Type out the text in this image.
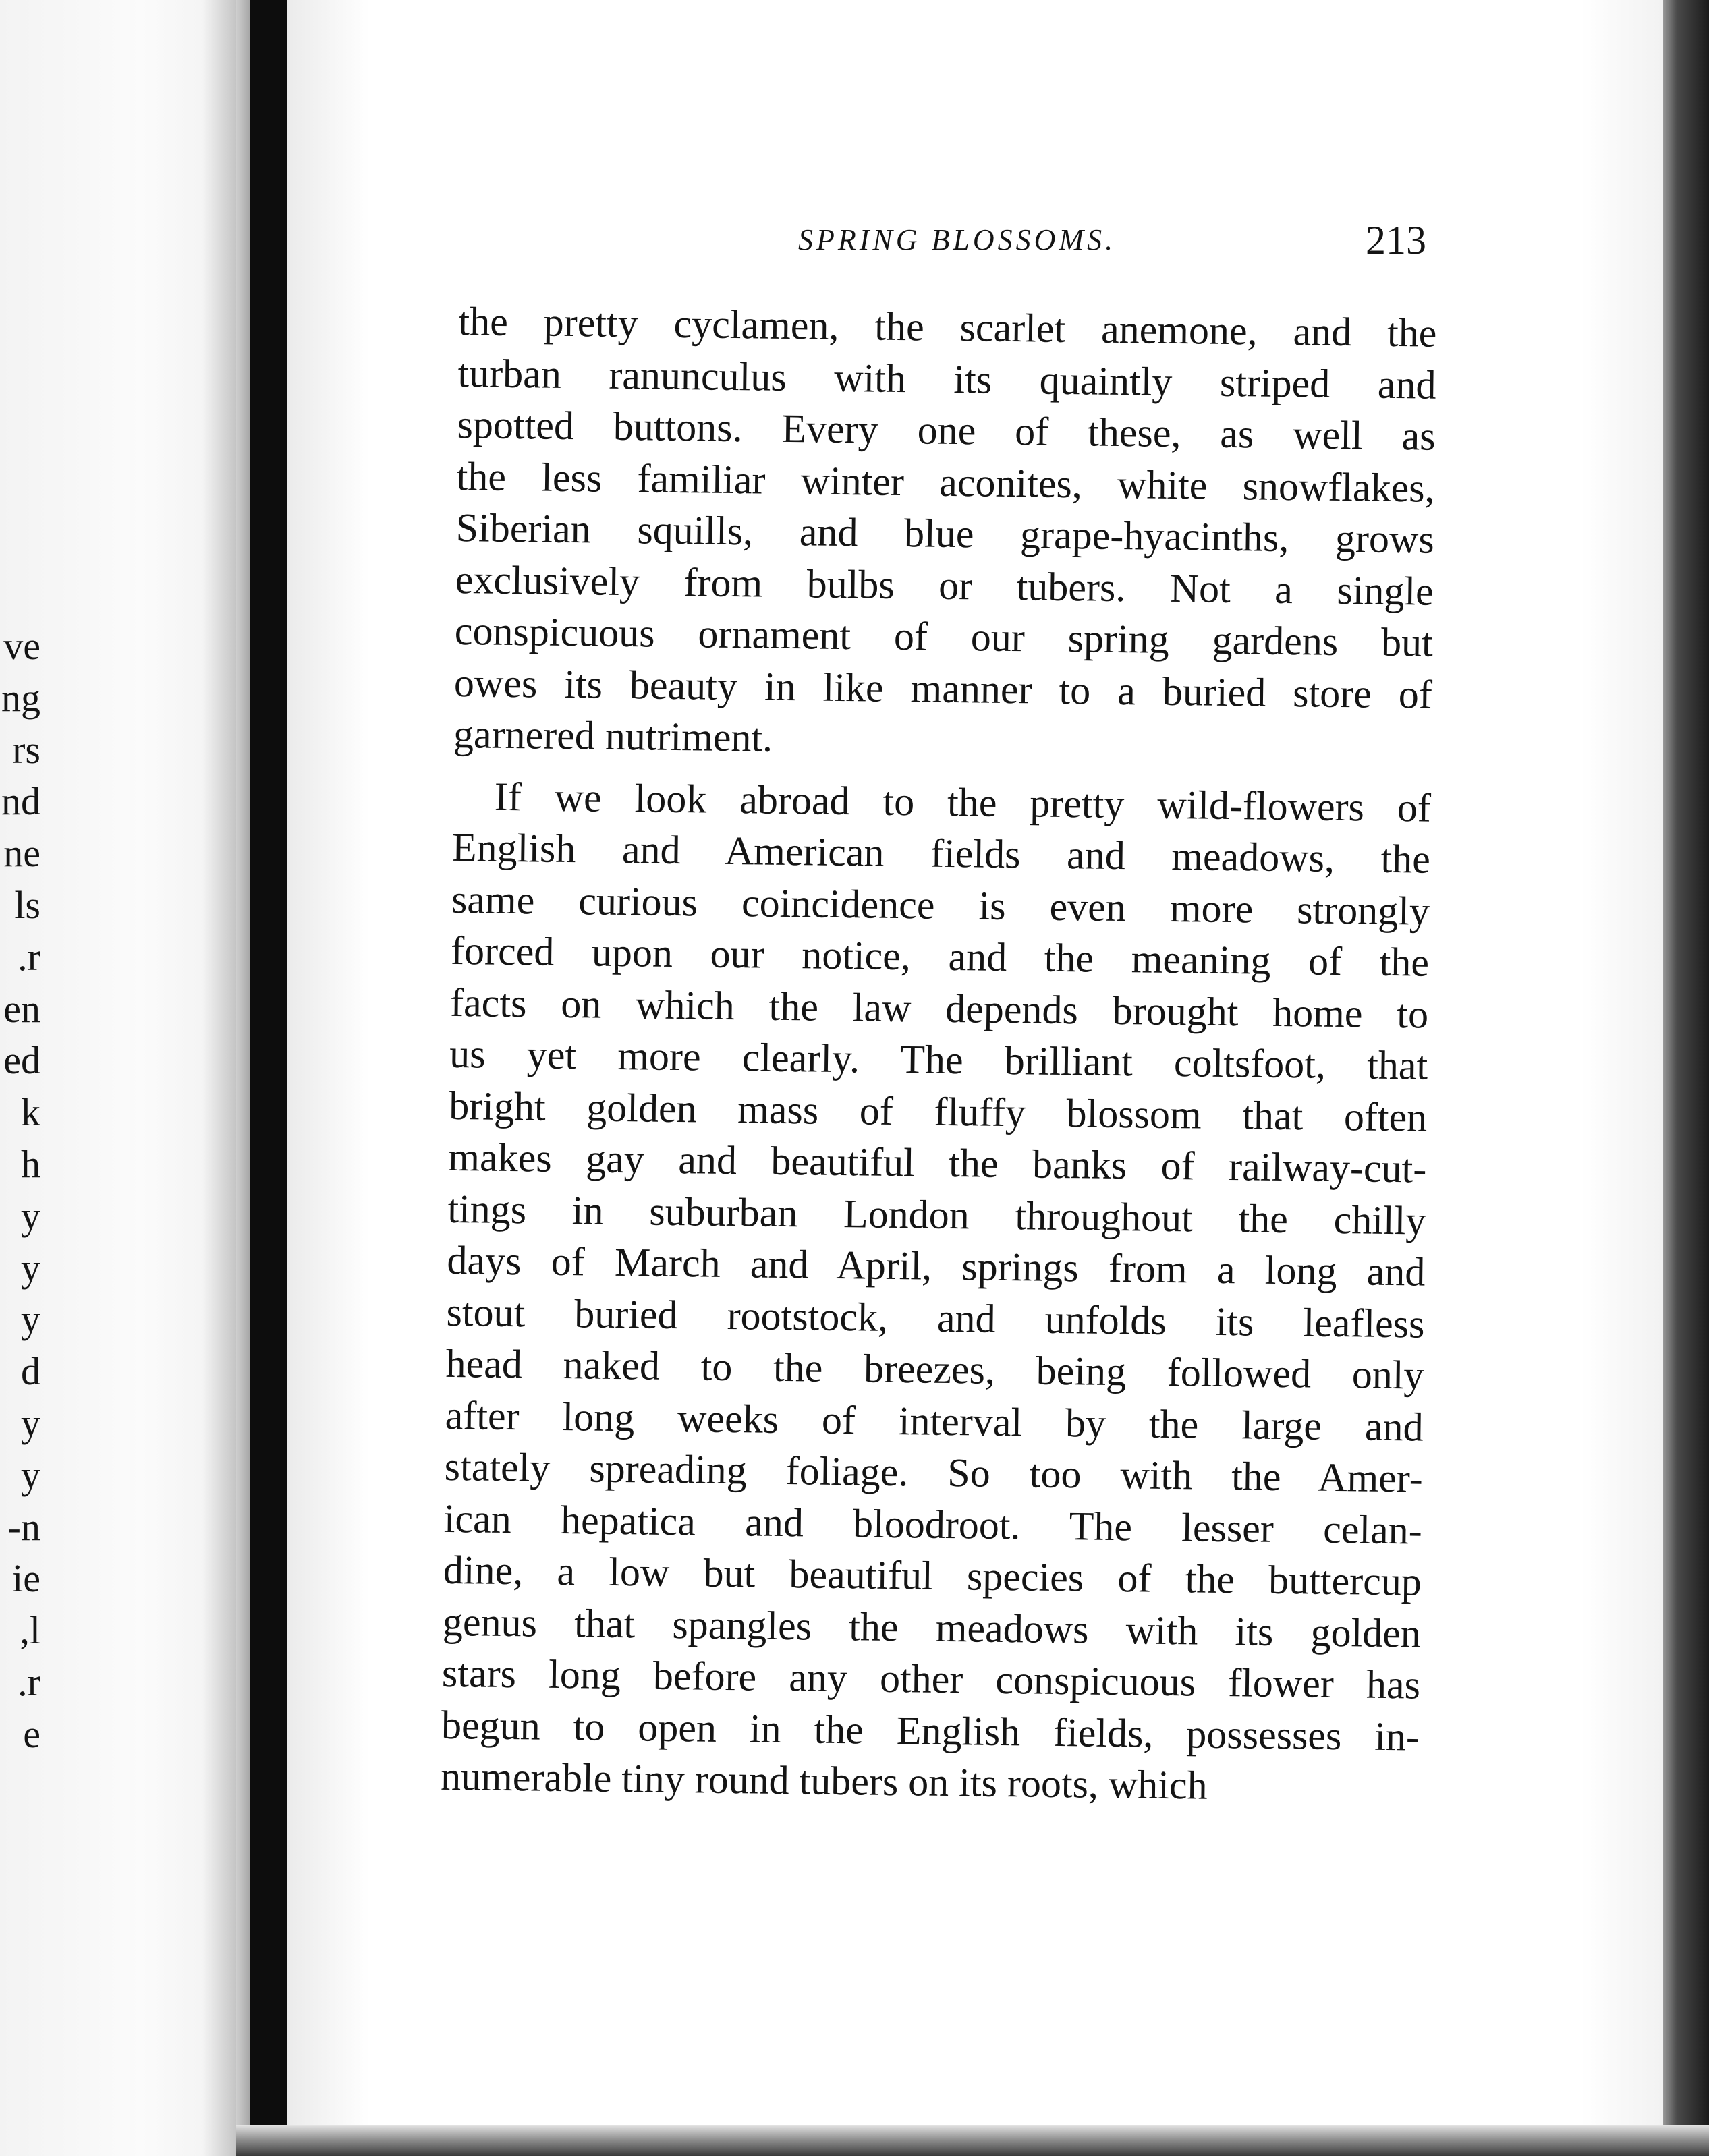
ve
ng
rs
nd
ne
ls
r.
en
ed
k
h
y
y
y
d
y
y
n-
ie
l,
r.
e
SPRING BLOSSOMS.	213
the pretty cyclamen, the scarlet anemone, and the
turban ranunculus with its quaintly striped and
spotted buttons. Every one of these, as well as
the less familiar winter aconites, white snowflakes,
Siberian squills, and blue grape-hyacinths, grows
exclusively from bulbs or tubers. Not a single
conspicuous ornament of our spring gardens but
owes its beauty in like manner to a buried store of
garnered nutriment.
If we look abroad to the pretty wild-flowers of
English and American fields and meadows, the
same curious coincidence is even more strongly
forced upon our notice, and the meaning of the
facts on which the law depends brought home to
us yet more clearly. The brilliant coltsfoot, that
bright golden mass of fluffy blossom that often
makes gay and beautiful the banks of railway-cut-
tings in suburban London throughout the chilly
days of March and April, springs from a long and
stout buried rootstock, and unfolds its leafless
head naked to the breezes, being followed only
after long weeks of interval by the large and
stately spreading foliage. So too with the Amer-
ican hepatica and bloodroot. The lesser celan-
dine, a low but beautiful species of the buttercup
genus that spangles the meadows with its golden
stars long before any other conspicuous flower has
begun to open in the English fields, possesses in-
numerable tiny round tubers on its roots, which
